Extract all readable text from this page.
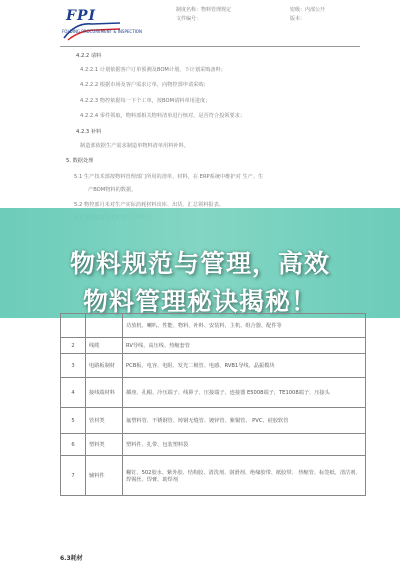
FPI
FOLDING PROCUREMENT & INSPECTION
制度名称：物料管理规定
文件编号：
密级：内部公开
版本：
4.2.2 请料
4.2.2.1 计划依据客户订单预测及BOM计划，下计划采购备料；
4.2.2.2 根据市场及客户需求订单，向物控部申请采购；
4.2.2.3 物控依据每一下个工单，按BOM请料单用进度；
4.2.2.4 零件领取，物料部相关物料清单进行核对，是否符合投领要求；
4.2.3 补料
制造部依据生产需求制造单物料清单用料补料。
5. 数据处理
5.1 生产技术部按物料管理部门所用的清单、材料，在 ERP系统中维护对 生产、生
产BOM物料的数据。
5.2 物控部月末对生产实际消耗材料出库、出货、汇总领料报表。
物料规范与管理，高效
物料管理秘诀揭秘！
		功放机、喇叭、性能、物料、补料、安装料，主机、组合器、配件等
2	线缆	RV导线、高压线、热缩套管
3	电路板制材	PCB板、电容、电阻、发光二极管、电感、RVB1导线、晶振模块
4	接线端材料	插座、孔帽、冷压端子、线鼻子、压接端子、连接器 E5008端子，TE1008端子、压接头
5	管材类	氟塑料管、不锈钢管、铸钢无缝管、镀锌管、紫铜管、 PVC、硅胶软管
6	塑料类	塑料件、扎带、包装塑料袋
7	辅料件	螺钉、502胶水、紫外胶、结构胶、清洗剂、润滑剂、绝缘胶带、纸胶带、 热缩管、标签纸、清洁剂、焊锡丝、焊膏、助焊剂
6.3耗材
